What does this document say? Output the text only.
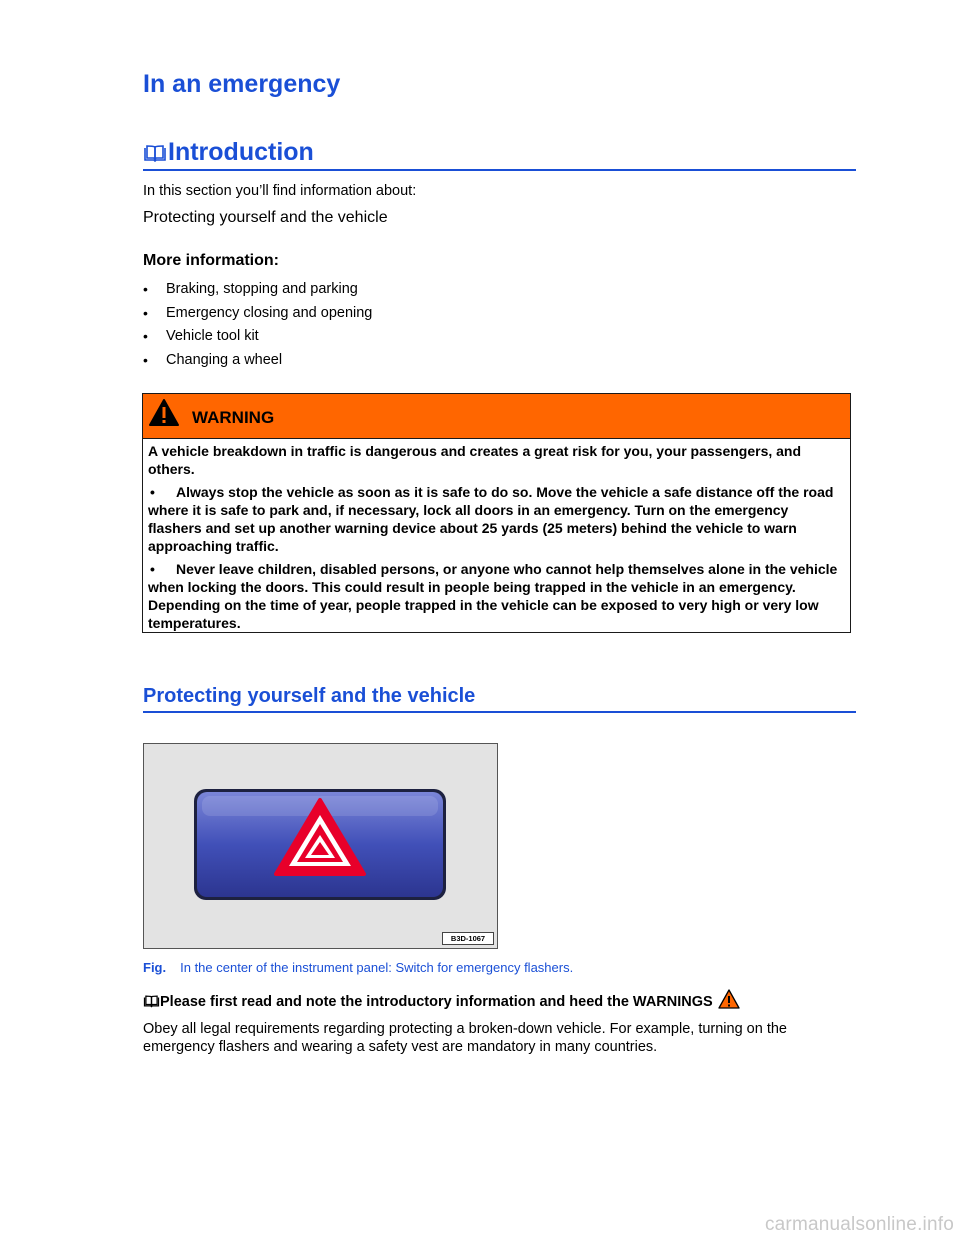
In an emergency
Introduction

In this section you’ll find information about:

Protecting yourself and the vehicle

More information:

•	Braking, stopping and parking
•	Emergency closing and opening
•	Vehicle tool kit
•	Changing a wheel
WARNING

A vehicle breakdown in traffic is dangerous and creates a great risk for you, your passengers, and others.

• Always stop the vehicle as soon as it is safe to do so. Move the vehicle a safe distance off the road where it is safe to park and, if necessary, lock all doors in an emergency. Turn on the emergency flashers and set up another warning device about 25 yards (25 meters) behind the vehicle to warn approaching traffic.

• Never leave children, disabled persons, or anyone who cannot help themselves alone in the vehicle when locking the doors. This could result in people being trapped in the vehicle in an emergency. Depending on the time of year, people trapped in the vehicle can be exposed to very high or very low temperatures.

Protecting yourself and the vehicle
B3D-1067

Fig. In the center of the instrument panel: Switch for emergency flashers.

Please first read and note the introductory information and heed the WARNINGS

Obey all legal requirements regarding protecting a broken-down vehicle. For example, turning on the emergency flashers and wearing a safety vest are mandatory in many countries.

carmanualsonline.info
